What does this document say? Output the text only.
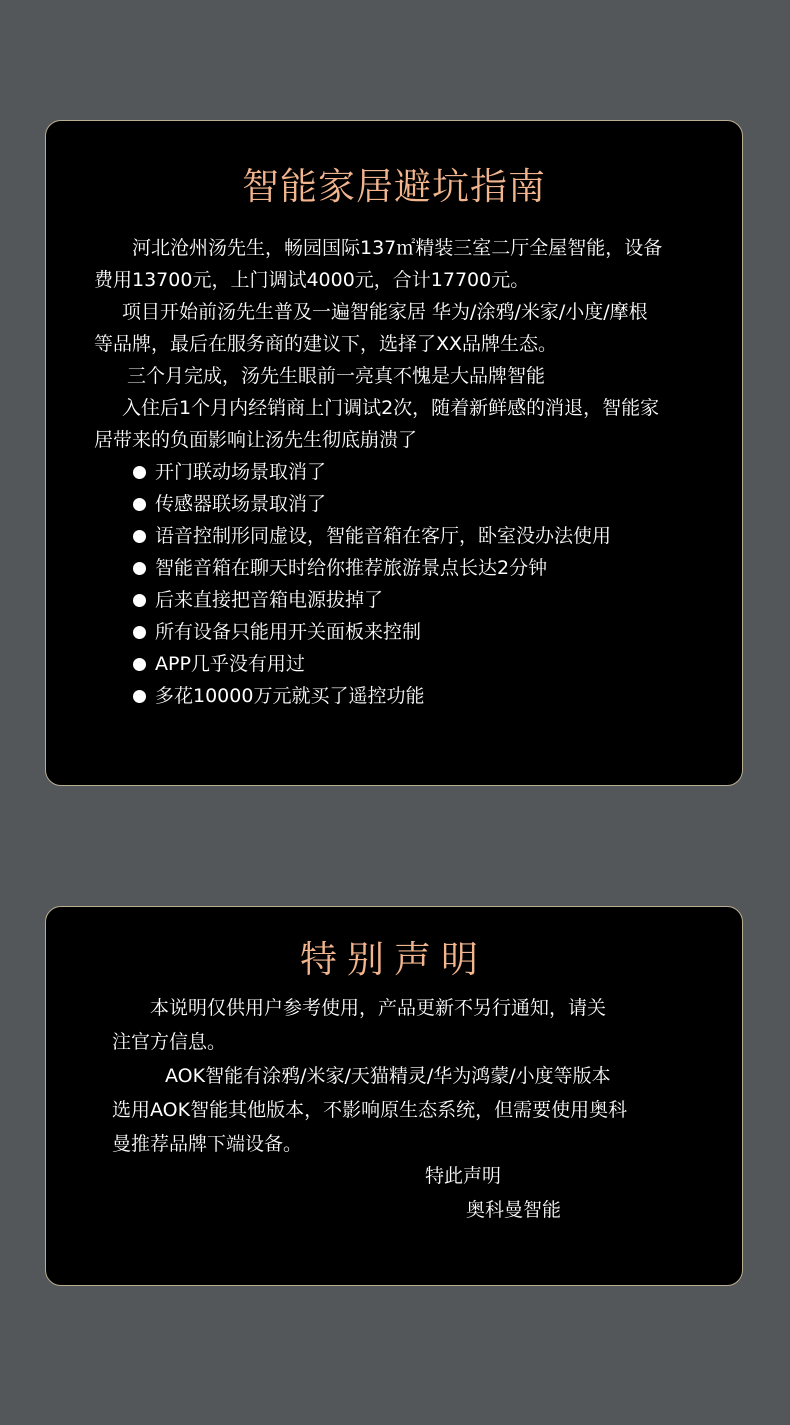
智能家居避坑指南
河北沧州汤先生，畅园国际137㎡精装三室二厅全屋智能，设备
费用13700元，上门调试4000元，合计17700元。
项目开始前汤先生普及一遍智能家居 华为/涂鸦/米家/小度/摩根
等品牌，最后在服务商的建议下，选择了XX品牌生态。
三个月完成，汤先生眼前一亮真不愧是大品牌智能
入住后1个月内经销商上门调试2次，随着新鲜感的消退，智能家
居带来的负面影响让汤先生彻底崩溃了
开门联动场景取消了
传感器联场景取消了
语音控制形同虚设，智能音箱在客厅，卧室没办法使用
智能音箱在聊天时给你推荐旅游景点长达2分钟
后来直接把音箱电源拔掉了
所有设备只能用开关面板来控制
APP几乎没有用过
多花10000万元就买了遥控功能
特别声明
本说明仅供用户参考使用，产品更新不另行通知，请关
注官方信息。
AOK智能有涂鸦/米家/天猫精灵/华为鸿蒙/小度等版本
选用AOK智能其他版本，不影响原生态系统，但需要使用奥科
曼推荐品牌下端设备。
特此声明
奥科曼智能
